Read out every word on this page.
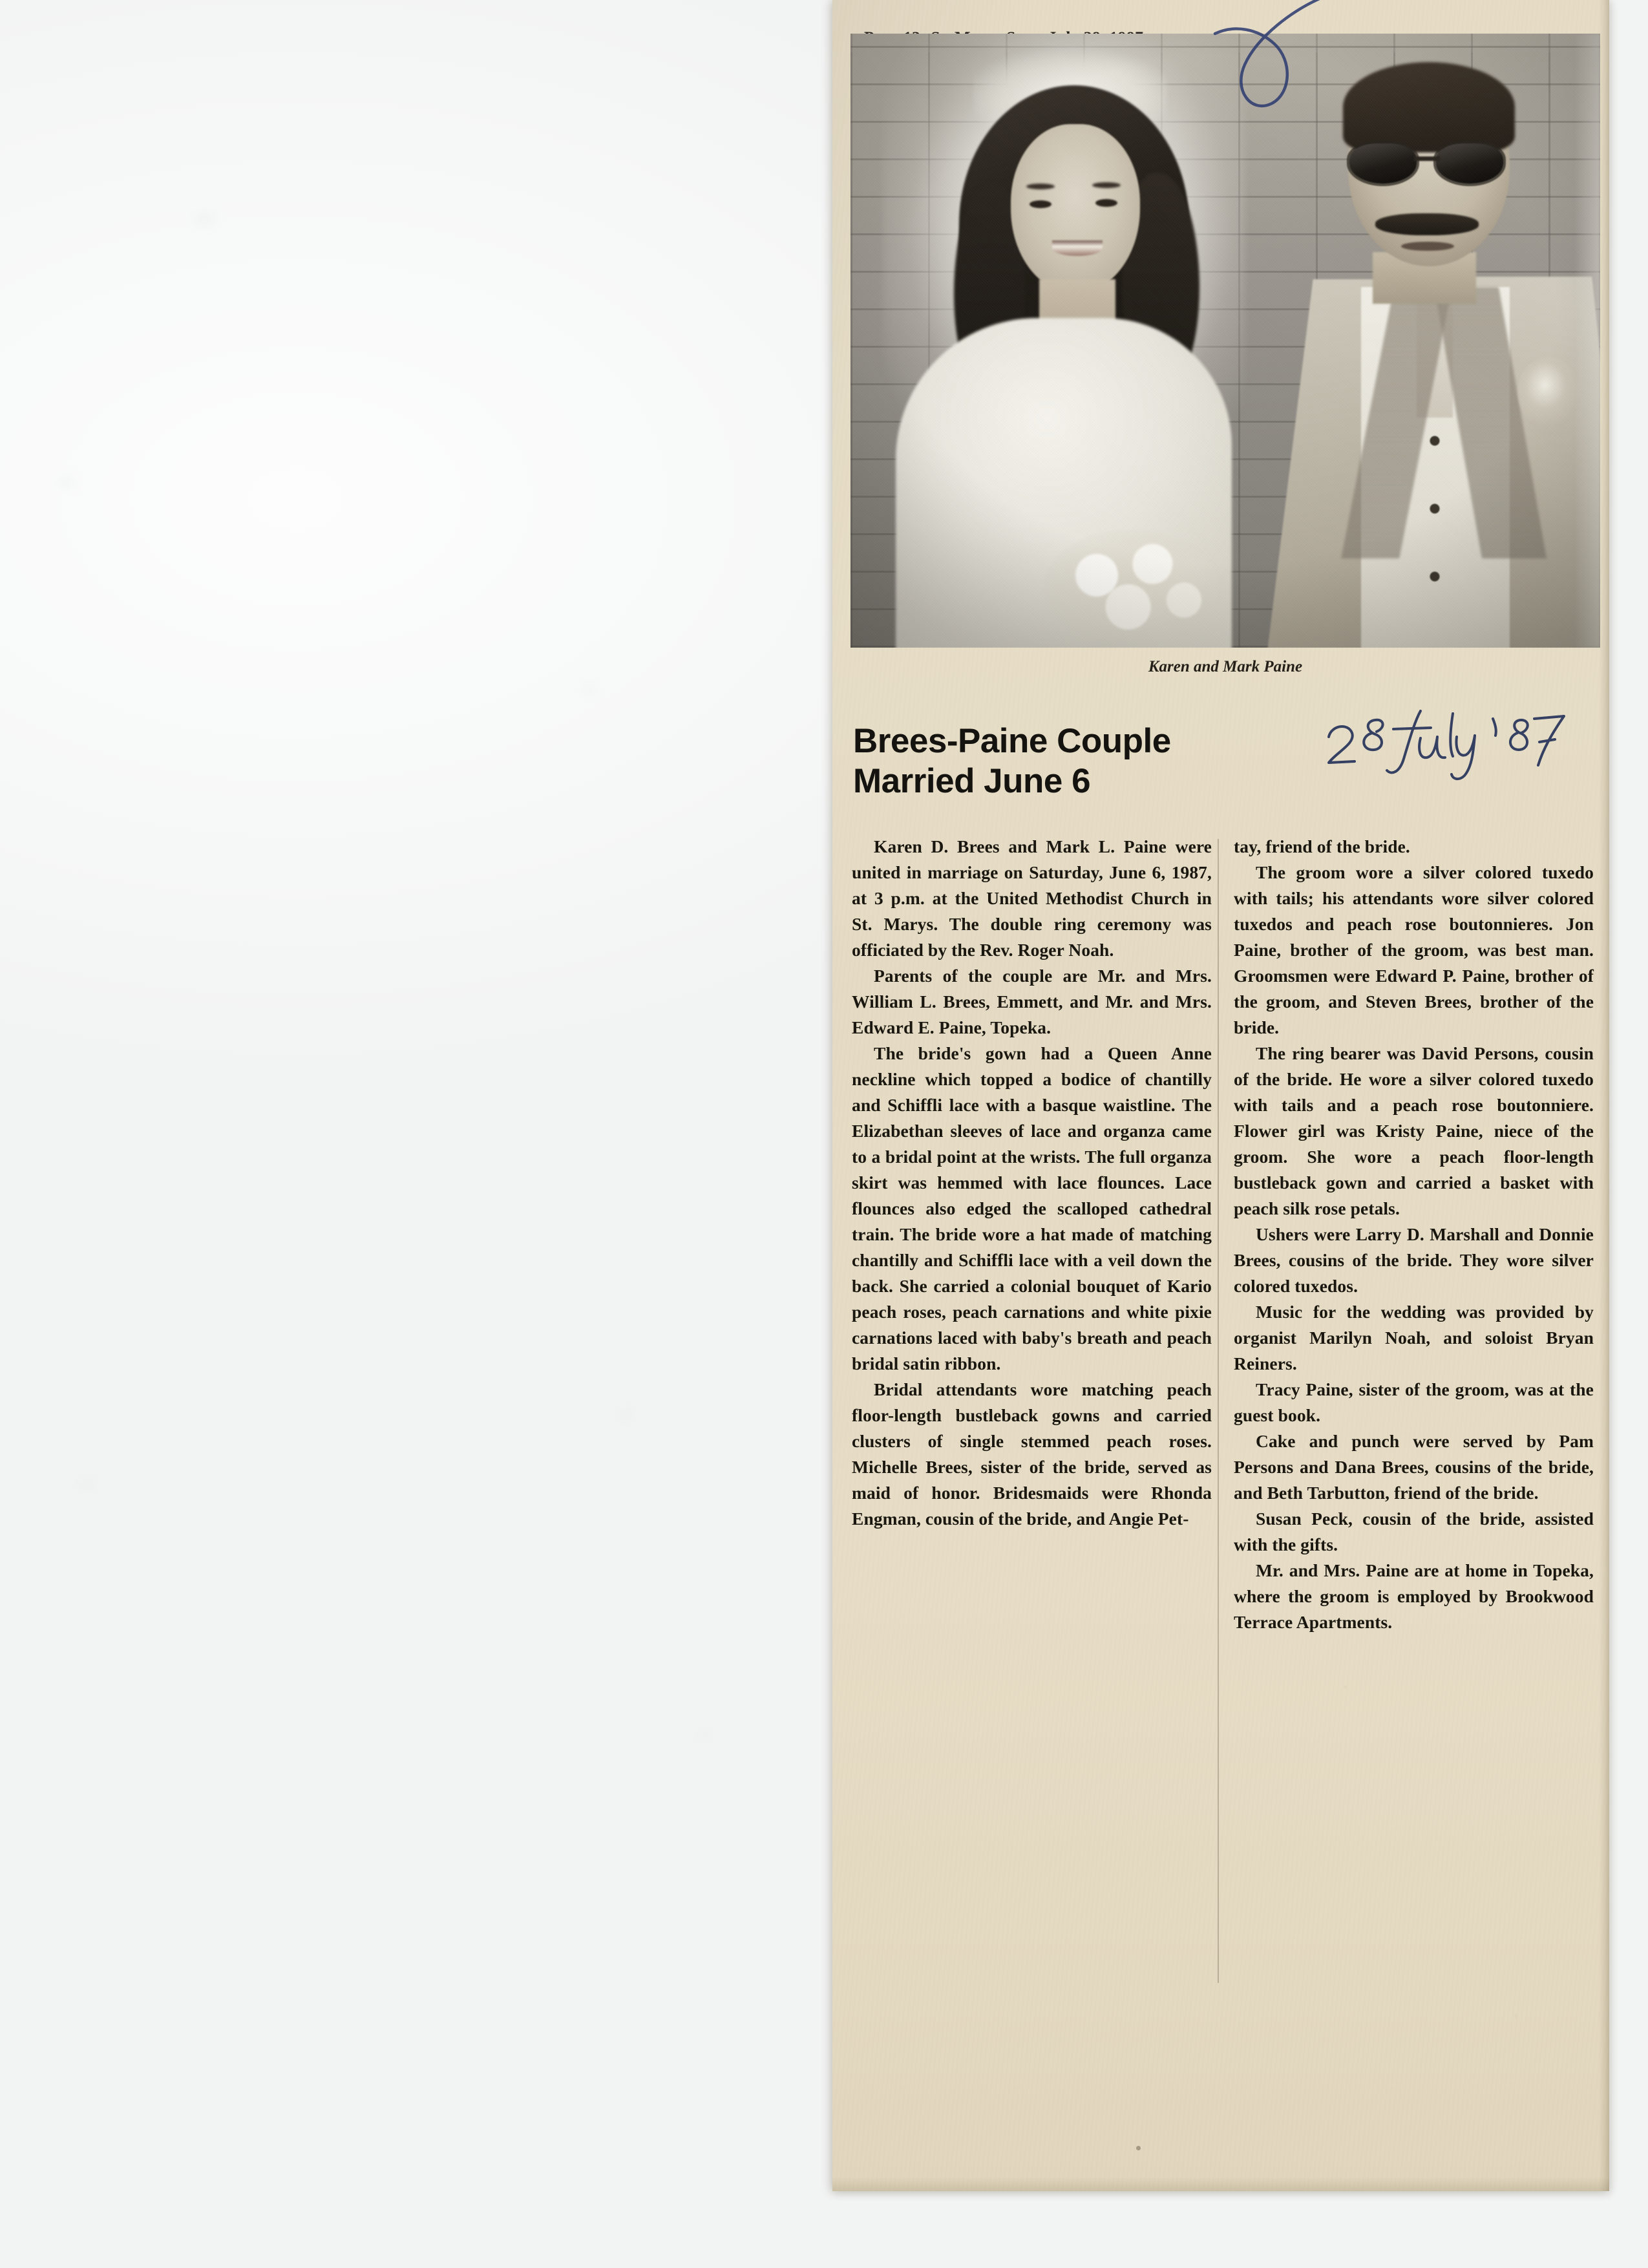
Karen and Mark Paine
Brees-Paine Couple
Married June 6

Karen D. Brees and Mark L. Paine were united in marriage on Saturday, June 6, 1987, at 3 p.m. at the United Methodist Church in St. Marys. The double ring ceremony was officiated by the Rev. Roger Noah.

Parents of the couple are Mr. and Mrs. William L. Brees, Emmett, and Mr. and Mrs. Edward E. Paine, Topeka.

The bride's gown had a Queen Anne neckline which topped a bodice of chantilly and Schiffli lace with a basque waistline. The Elizabethan sleeves of lace and organza came to a bridal point at the wrists. The full organza skirt was hemmed with lace flounces. Lace flounces also edged the scalloped cathedral train. The bride wore a hat made of matching chantilly and Schiffli lace with a veil down the back. She carried a colonial bouquet of Kario peach roses, peach carnations and white pixie carnations laced with baby's breath and peach bridal satin ribbon.

Bridal attendants wore matching peach floor-length bustleback gowns and carried clusters of single stemmed peach roses. Michelle Brees, sister of the bride, served as maid of honor. Bridesmaids were Rhonda Engman, cousin of the bride, and Angie Pet-

tay, friend of the bride.

The groom wore a silver colored tuxedo with tails; his attendants wore silver colored tuxedos and peach rose boutonnieres. Jon Paine, brother of the groom, was best man. Groomsmen were Edward P. Paine, brother of the groom, and Steven Brees, brother of the bride.

The ring bearer was David Persons, cousin of the bride. He wore a silver colored tuxedo with tails and a peach rose boutonniere. Flower girl was Kristy Paine, niece of the groom. She wore a peach floor-length bustleback gown and carried a basket with peach silk rose petals.

Ushers were Larry D. Marshall and Donnie Brees, cousins of the bride. They wore silver colored tuxedos.

Music for the wedding was provided by organist Marilyn Noah, and soloist Bryan Reiners.

Tracy Paine, sister of the groom, was at the guest book.

Cake and punch were served by Pam Persons and Dana Brees, cousins of the bride, and Beth Tarbutton, friend of the bride.

Susan Peck, cousin of the bride, assisted with the gifts.

Mr. and Mrs. Paine are at home in Topeka, where the groom is employed by Brookwood Terrace Apartments.
